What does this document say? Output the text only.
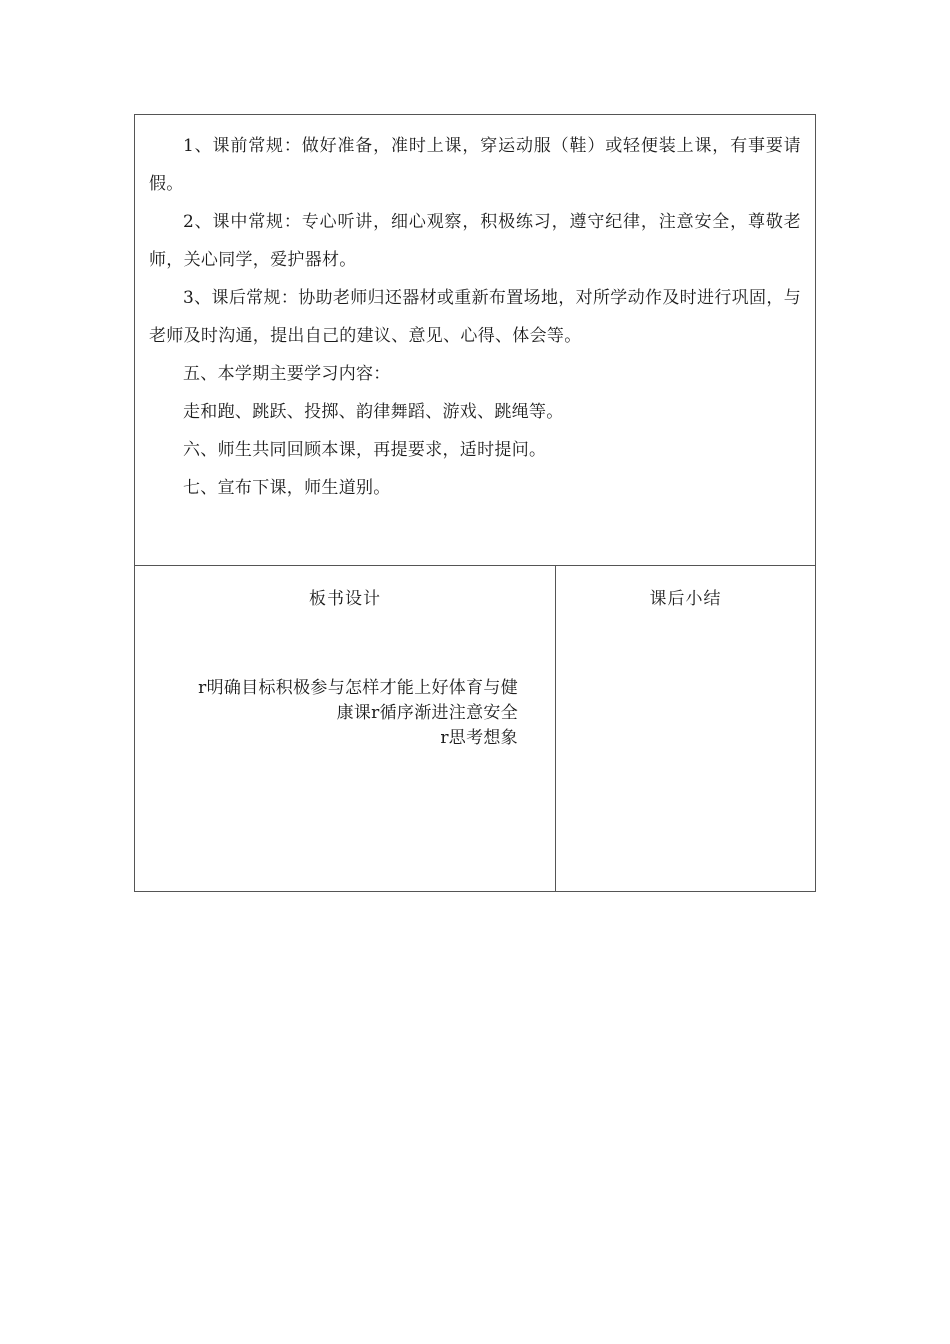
1、课前常规：做好准备，准时上课，穿运动服（鞋）或轻便装上课，有事要请假。

2、课中常规：专心听讲，细心观察，积极练习，遵守纪律，注意安全，尊敬老师，关心同学，爱护器材。

3、课后常规：协助老师归还器材或重新布置场地，对所学动作及时进行巩固，与老师及时沟通，提出自己的建议、意见、心得、体会等。

五、本学期主要学习内容：

走和跑、跳跃、投掷、韵律舞蹈、游戏、跳绳等。

六、师生共同回顾本课，再提要求，适时提问。

七、宣布下课，师生道别。

板书设计
r明确目标积极参与怎样才能上好体育与健
康课r循序渐进注意安全
r思考想象
课后小结
